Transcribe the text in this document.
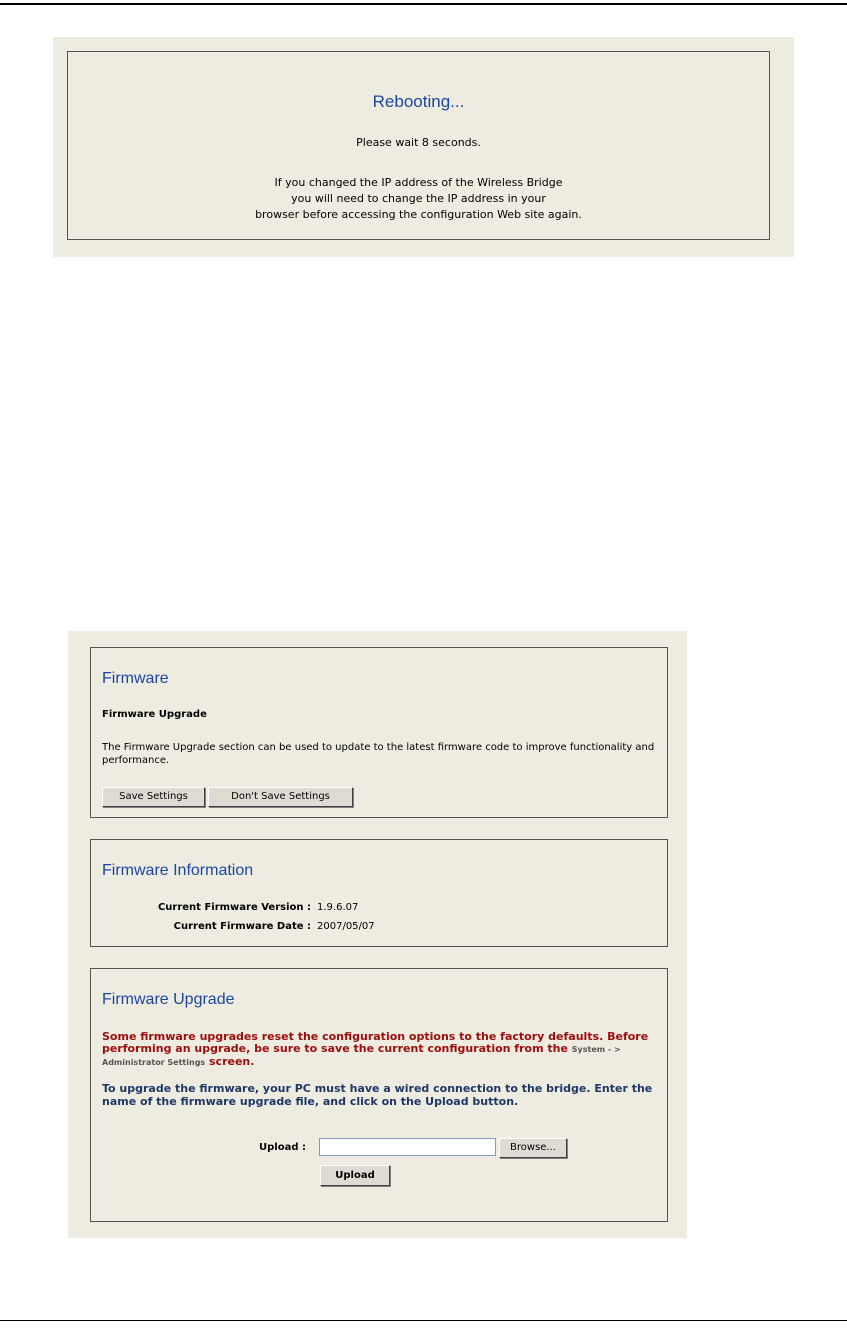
Rebooting...
Please wait 8 seconds.
If you changed the IP address of the Wireless Bridge
you will need to change the IP address in your
browser before accessing the configuration Web site again.
Firmware
Firmware Upgrade
The Firmware Upgrade section can be used to update to the latest firmware code to improve functionality and performance.
Save Settings	Don't Save Settings
Firmware Information
Current Firmware Version : 1.9.6.07
Current Firmware Date : 2007/05/07
Firmware Upgrade
Some firmware upgrades reset the configuration options to the factory defaults. Before performing an upgrade, be sure to save the current configuration from the System - > Administrator Settings screen.
To upgrade the firmware, your PC must have a wired connection to the bridge. Enter the name of the firmware upgrade file, and click on the Upload button.
Upload :	Browse...
Upload
